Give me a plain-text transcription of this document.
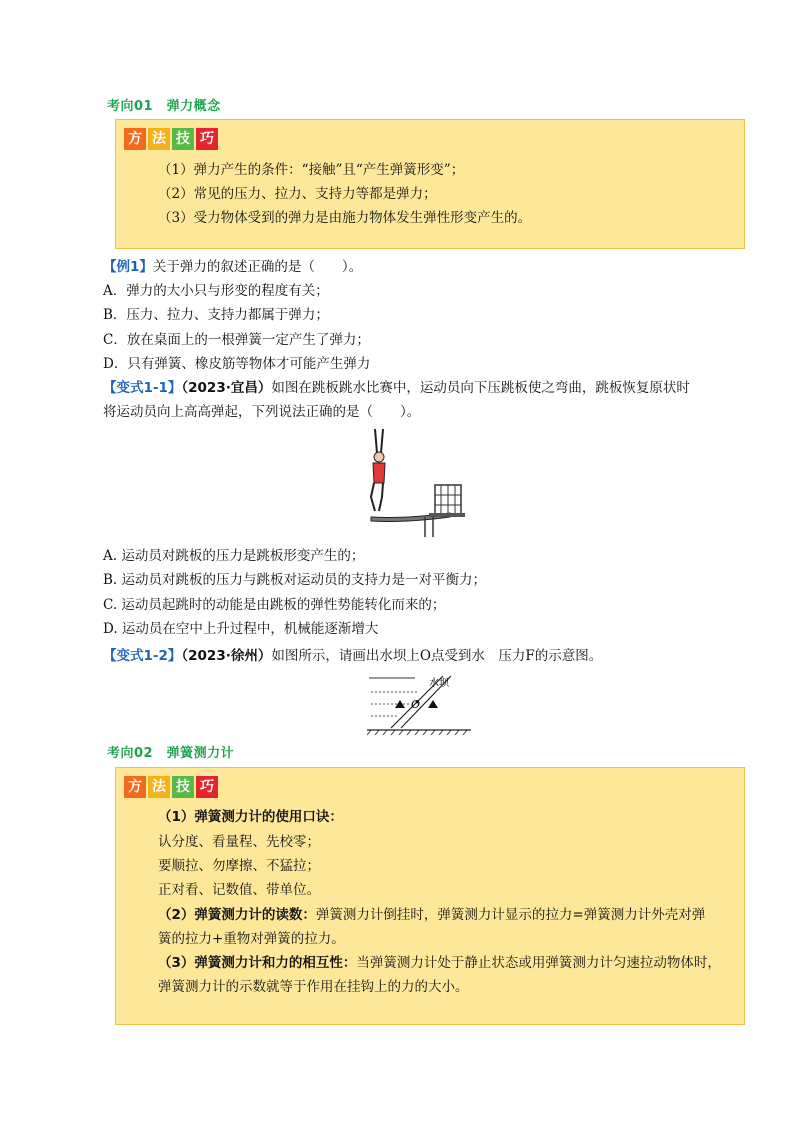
考向01　弹力概念
方 法 技 巧
（1）弹力产生的条件：“接触”且“产生弹簧形变”；
（2）常见的压力、拉力、支持力等都是弹力；
（3）受力物体受到的弹力是由施力物体发生弹性形变产生的。
【例1】关于弹力的叙述正确的是（　　）。
A．弹力的大小只与形变的程度有关；
B．压力、拉力、支持力都属于弹力；
C．放在桌面上的一根弹簧一定产生了弹力；
D．只有弹簧、橡皮筋等物体才可能产生弹力
【变式1-1】（2023·宜昌）如图在跳板跳水比赛中，运动员向下压跳板使之弯曲，跳板恢复原状时
将运动员向上高高弹起，下列说法正确的是（　　）。
A. 运动员对跳板的压力是跳板形变产生的；
B. 运动员对跳板的压力与跳板对运动员的支持力是一对平衡力；
C. 运动员起跳时的动能是由跳板的弹性势能转化而来的；
D. 运动员在空中上升过程中，机械能逐渐增大
【变式1-2】（2023·徐州）如图所示，请画出水坝上O点受到水　压力F的示意图。
O
水坝
考向02　弹簧测力计
方 法 技 巧
（1）弹簧测力计的使用口诀：
认分度、看量程、先校零；
要顺拉、勿摩擦、不猛拉；
正对看、记数值、带单位。
（2）弹簧测力计的读数：弹簧测力计倒挂时，弹簧测力计显示的拉力=弹簧测力计外壳对弹
簧的拉力+重物对弹簧的拉力。
（3）弹簧测力计和力的相互性：当弹簧测力计处于静止状态或用弹簧测力计匀速拉动物体时，
弹簧测力计的示数就等于作用在挂钩上的力的大小。
